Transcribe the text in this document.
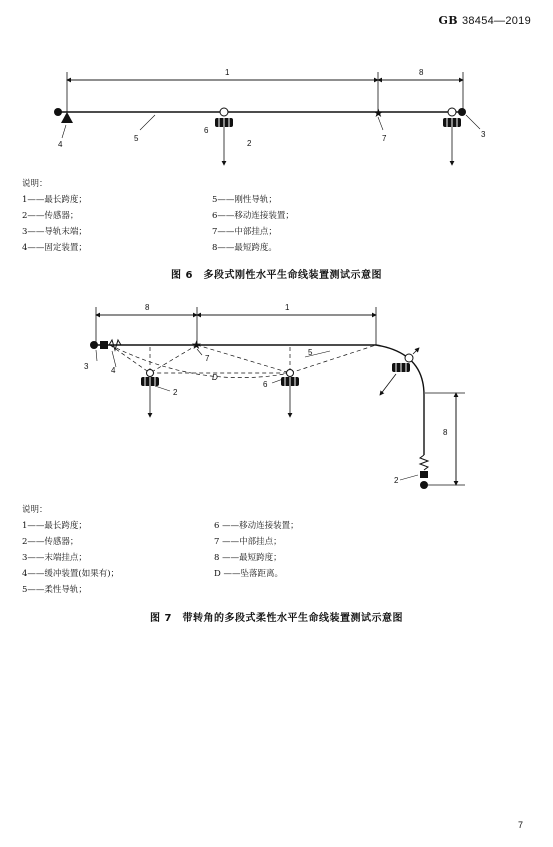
GB 38454—2019
★
1	8
4
5
6
2
7	3
说明：
1——最长跨度；
2——传感器；
3——导轨末端；
4——固定装置；
5——刚性导轨；
6——移动连接装置；
7——中部挂点；
8——最短跨度。
图 6　多段式刚性水平生命线装置测试示意图
★
8	1
3	4
7
5
D
2
6
8
2
说明：
1——最长跨度；
2——传感器；
3——末端挂点；
4——缓冲装置(如果有)；
5——柔性导轨；
6 ——移动连接装置；
7 ——中部挂点；
8 ——最短跨度；
D ——坠落距离。
图 7　带转角的多段式柔性水平生命线装置测试示意图
7
